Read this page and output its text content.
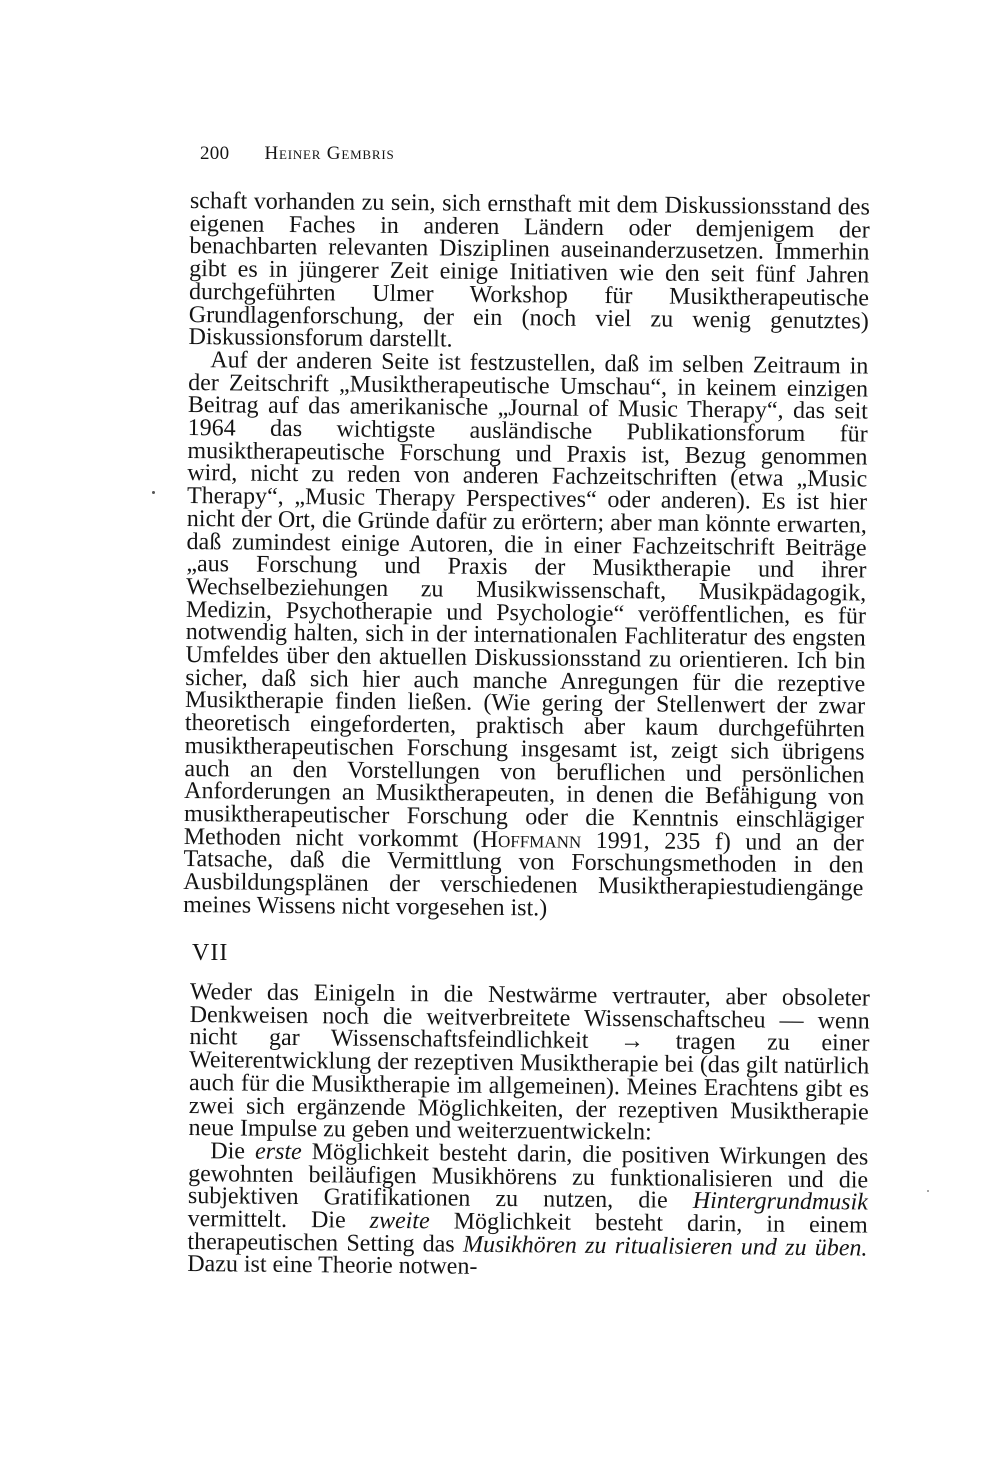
200 Heiner Gembris

schaft vorhanden zu sein, sich ernsthaft mit dem Diskussionsstand des eigenen Faches in anderen Ländern oder demjenigem der benachbarten relevanten Disziplinen auseinanderzusetzen. Immerhin gibt es in jüngerer Zeit einige Initiativen wie den seit fünf Jahren durchgeführten Ulmer Workshop für Musiktherapeutische Grundlagenforschung, der ein (noch viel zu wenig genutztes) Diskussionsforum darstellt.

Auf der anderen Seite ist festzustellen, daß im selben Zeitraum in der Zeitschrift „Musiktherapeutische Umschau“, in keinem einzigen Beitrag auf das amerikanische „Journal of Music Therapy“, das seit 1964 das wichtigste ausländische Publikationsforum für musiktherapeutische Forschung und Praxis ist, Bezug genommen wird, nicht zu reden von anderen Fachzeitschriften (etwa „Music Therapy“, „Music Therapy Perspectives“ oder anderen). Es ist hier nicht der Ort, die Gründe dafür zu erörtern; aber man könnte erwarten, daß zumindest einige Autoren, die in einer Fachzeitschrift Beiträge „aus Forschung und Praxis der Musiktherapie und ihrer Wechselbeziehungen zu Musikwissenschaft, Musikpädagogik, Medizin, Psychotherapie und Psychologie“ veröffentlichen, es für notwendig halten, sich in der internationalen Fachliteratur des engsten Umfeldes über den aktuellen Diskussionsstand zu orientieren. Ich bin sicher, daß sich hier auch manche Anregungen für die rezeptive Musiktherapie finden ließen. (Wie gering der Stellenwert der zwar theoretisch eingeforderten, praktisch aber kaum durchgeführten musiktherapeutischen Forschung insgesamt ist, zeigt sich übrigens auch an den Vorstellungen von beruflichen und persönlichen Anforderungen an Musiktherapeuten, in denen die Befähigung von musiktherapeutischer Forschung oder die Kenntnis einschlägiger Methoden nicht vorkommt (Hoffmann 1991, 235 f) und an der Tatsache, daß die Vermittlung von Forschungsmethoden in den Ausbildungsplänen der verschiedenen Musiktherapiestudiengänge meines Wissens nicht vorgesehen ist.)

VII

Weder das Einigeln in die Nestwärme vertrauter, aber obsoleter Denkweisen noch die weitverbreitete Wissenschaftscheu — wenn nicht gar Wissenschaftsfeindlichkeit → tragen zu einer Weiterentwicklung der rezeptiven Musiktherapie bei (das gilt natürlich auch für die Musiktherapie im allgemeinen). Meines Erachtens gibt es zwei sich ergänzende Möglichkeiten, der rezeptiven Musiktherapie neue Impulse zu geben und weiterzuentwickeln:

Die erste Möglichkeit besteht darin, die positiven Wirkungen des gewohnten beiläufigen Musikhörens zu funktionalisieren und die subjektiven Gratifikationen zu nutzen, die Hintergrundmusik vermittelt. Die zweite Möglichkeit besteht darin, in einem therapeutischen Setting das Musikhören zu ritualisieren und zu üben. Dazu ist eine Theorie notwen-
